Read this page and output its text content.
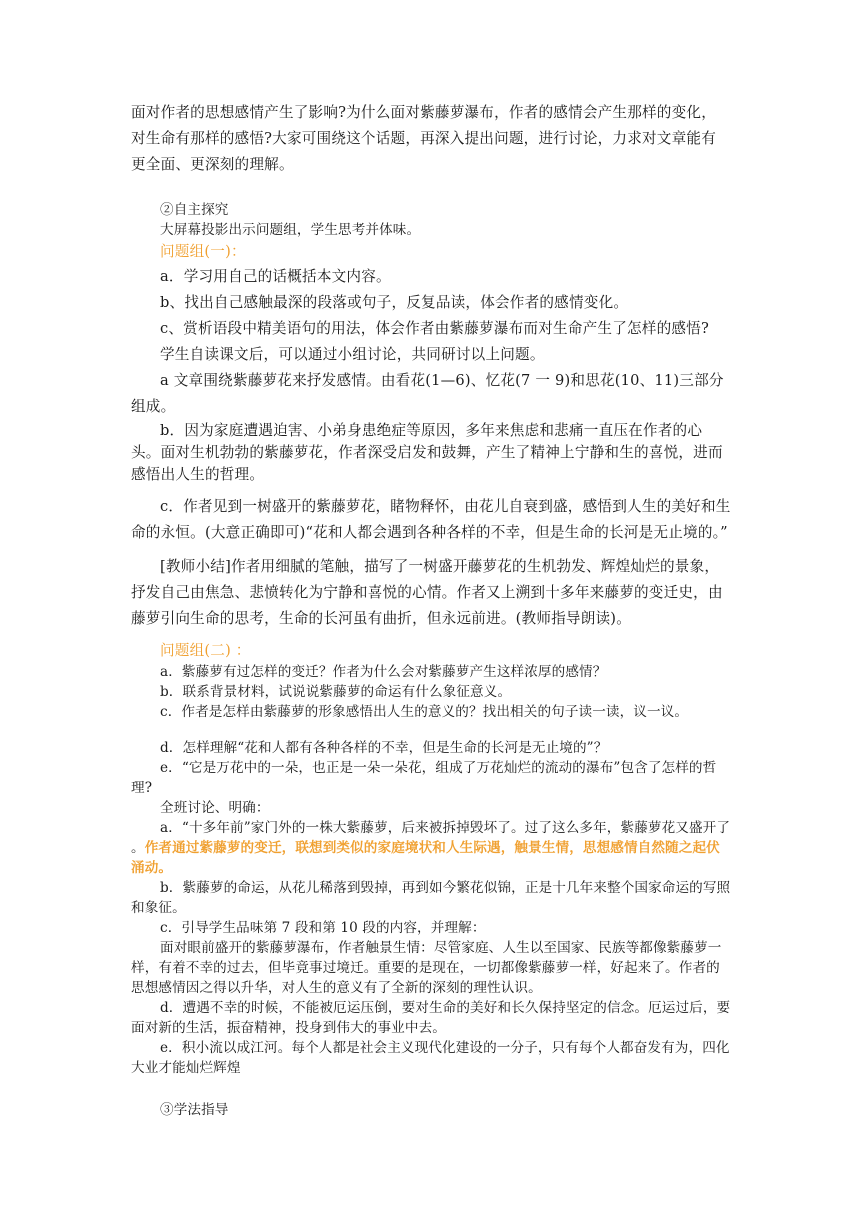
面对作者的思想感情产生了影响?为什么面对紫藤萝瀑布，作者的感情会产生那样的变化，

对生命有那样的感悟?大家可围绕这个话题，再深入提出问题，进行讨论，力求对文章能有

更全面、更深刻的理解。

②自主探究

大屏幕投影出示问题组，学生思考并体味。

问题组(一)：

a．学习用自己的话概括本文内容。

b、找出自己感触最深的段落或句子，反复品读，体会作者的感情变化。

c、赏析语段中精美语句的用法，体会作者由紫藤萝瀑布而对生命产生了怎样的感悟?

学生自读课文后，可以通过小组讨论，共同研讨以上问题。

a 文章围绕紫藤萝花来抒发感情。由看花(1—6)、忆花(7 一 9)和思花(10、11)三部分组成。

b．因为家庭遭遇迫害、小弟身患绝症等原因，多年来焦虑和悲痛一直压在作者的心头。面对生机勃勃的紫藤萝花，作者深受启发和鼓舞，产生了精神上宁静和生的喜悦，进而感悟出人生的哲理。

c．作者见到一树盛开的紫藤萝花，睹物释怀，由花儿自衰到盛，感悟到人生的美好和生命的永恒。(大意正确即可)“花和人都会遇到各种各样的不幸，但是生命的长河是无止境的。”

[教师小结]作者用细腻的笔触，描写了一树盛开藤萝花的生机勃发、辉煌灿烂的景象，抒发自己由焦急、悲愤转化为宁静和喜悦的心情。作者又上溯到十多年来藤萝的变迁史，由藤萝引向生命的思考，生命的长河虽有曲折，但永远前进。(教师指导朗读)。

问题组(二) ：

a．紫藤萝有过怎样的变迁？作者为什么会对紫藤萝产生这样浓厚的感情？

b．联系背景材料，试说说紫藤萝的命运有什么象征意义。

c．作者是怎样由紫藤萝的形象感悟出人生的意义的？找出相关的句子读一读，议一议。

d．怎样理解“花和人都有各种各样的不幸，但是生命的长河是无止境的”？

e．“它是万花中的一朵，也正是一朵一朵花，组成了万花灿烂的流动的瀑布”包含了怎样的哲理?

全班讨论、明确：

a．“十多年前”家门外的一株大紫藤萝，后来被拆掉毁坏了。过了这么多年，紫藤萝花又盛开了 。作者通过紫藤萝的变迁，联想到类似的家庭境状和人生际遇，触景生情，思想感情自然随之起伏涌动。

b．紫藤萝的命运，从花儿稀落到毁掉，再到如今繁花似锦，正是十几年来整个国家命运的写照和象征。

c．引导学生品味第 7 段和第 10 段的内容，并理解：

面对眼前盛开的紫藤萝瀑布，作者触景生情：尽管家庭、人生以至国家、民族等都像紫藤萝一样，有着不幸的过去，但毕竟事过境迁。重要的是现在，一切都像紫藤萝一样，好起来了。作者的思想感情因之得以升华，对人生的意义有了全新的深刻的理性认识。

d．遭遇不幸的时候，不能被厄运压倒，要对生命的美好和长久保持坚定的信念。厄运过后，要面对新的生活，振奋精神，投身到伟大的事业中去。

e．积小流以成江河。每个人都是社会主义现代化建设的一分子，只有每个人都奋发有为，四化大业才能灿烂辉煌

③学法指导
